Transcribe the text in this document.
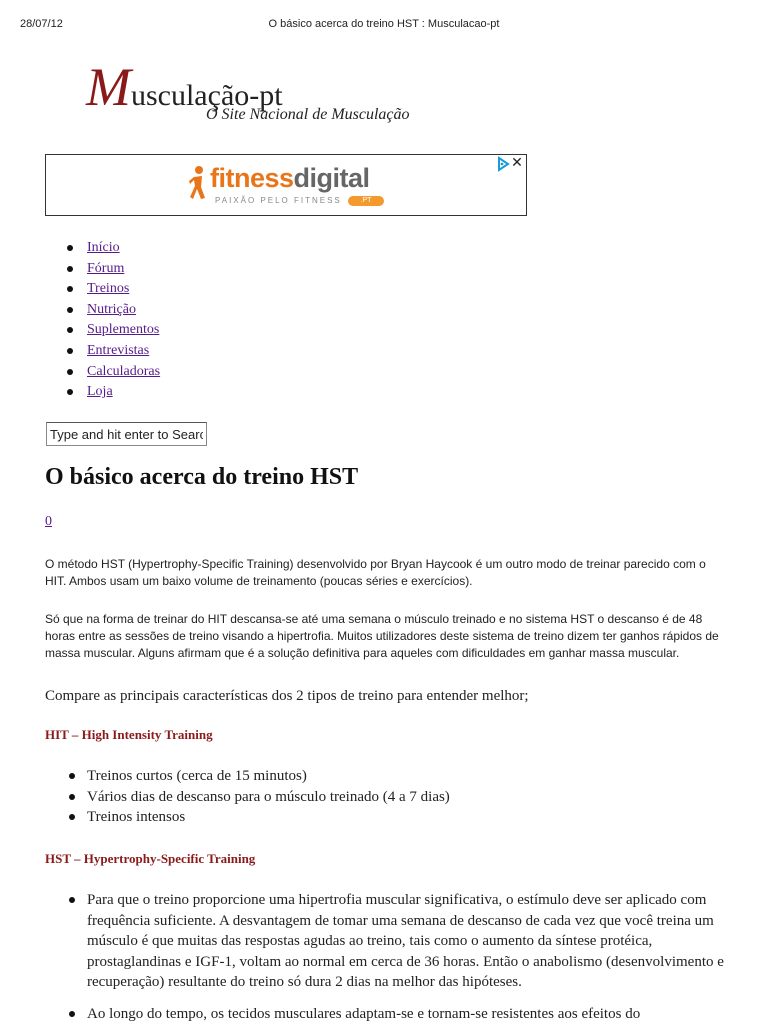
28/07/12	O básico acerca do treino HST : Musculacao-pt
Musculação-pt
O Site Nacional de Musculação
fitnessdigital
PAIXÃO PELO FITNESS	.PT
✕
Início
Fórum
Treinos
Nutrição
Suplementos
Entrevistas
Calculadoras
Loja
Type and hit enter to Search
O básico acerca do treino HST
0

O método HST (Hypertrophy-Specific Training) desenvolvido por Bryan Haycook é um outro modo de treinar parecido com o HIT. Ambos usam um baixo volume de treinamento (poucas séries e exercícios).

Só que na forma de treinar do HIT descansa-se até uma semana o músculo treinado e no sistema HST o descanso é de 48 horas entre as sessões de treino visando a hipertrofia. Muitos utilizadores deste sistema de treino dizem ter ganhos rápidos de massa muscular. Alguns afirmam que é a solução definitiva para aqueles com dificuldades em ganhar massa muscular.

Compare as principais características dos 2 tipos de treino para entender melhor;

HIT – High Intensity Training
Treinos curtos (cerca de 15 minutos)
Vários dias de descanso para o músculo treinado (4 a 7 dias)
Treinos intensos
HST – Hypertrophy-Specific Training
Para que o treino proporcione uma hipertrofia muscular significativa, o estímulo deve ser aplicado com frequência suficiente. A desvantagem de tomar uma semana de descanso de cada vez que você treina um músculo é que muitas das respostas agudas ao treino, tais como o aumento da síntese protéica, prostaglandinas e IGF-1, voltam ao normal em cerca de 36 horas. Então o anabolismo (desenvolvimento e recuperação) resultante do treino só dura 2 dias na melhor das hipóteses.
Ao longo do tempo, os tecidos musculares adaptam-se e tornam-se resistentes aos efeitos do
